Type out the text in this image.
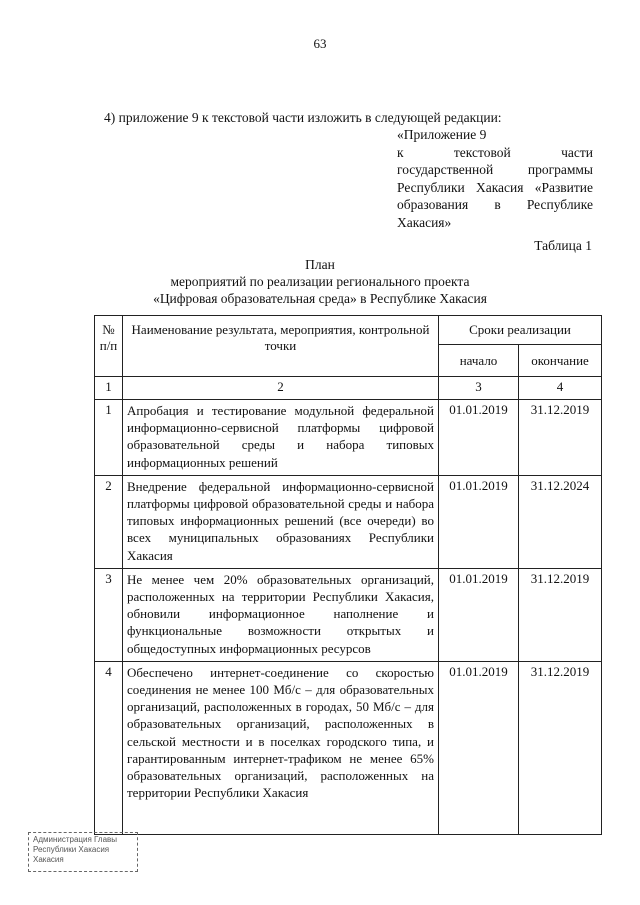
63
4) приложение 9 к текстовой части изложить в следующей редакции:
«Приложение 9
к текстовой части
государственной программы
Республики Хакасия «Развитие
образования в Республике
Хакасия»
Таблица 1
План
мероприятий по реализации регионального проекта
«Цифровая образовательная среда» в Республике Хакасия
№ п/п	Наименование результата, мероприятия, контрольной точки	Сроки реализации	
		начало	окончание
1	2	3	4
1	Апробация и тестирование модульной федеральной информационно-сервисной платформы цифровой образовательной среды и набора типовых информационных решений	01.01.2019	31.12.2019
2	Внедрение федеральной информационно-сервисной платформы цифровой образовательной среды и набора типовых информационных решений (все очереди) во всех муниципальных образованиях Республики Хакасия	01.01.2019	31.12.2024
3	Не менее чем 20% образовательных организаций, расположенных на территории Республики Хакасия, обновили информационное наполнение и функциональные возможности открытых и общедоступных информационных ресурсов	01.01.2019	31.12.2019
4	Обеспечено интернет-соединение со скоростью соединения не менее 100 Мб/с – для образовательных организаций, расположенных в городах, 50 Мб/с – для образовательных организаций, расположенных в сельской местности и в поселках городского типа, и гарантированным интернет-трафиком не менее 65% образовательных организаций, расположенных на территории Республики Хакасия	01.01.2019	31.12.2019
Администрация Главы
Республики Хакасия
Хакасия
